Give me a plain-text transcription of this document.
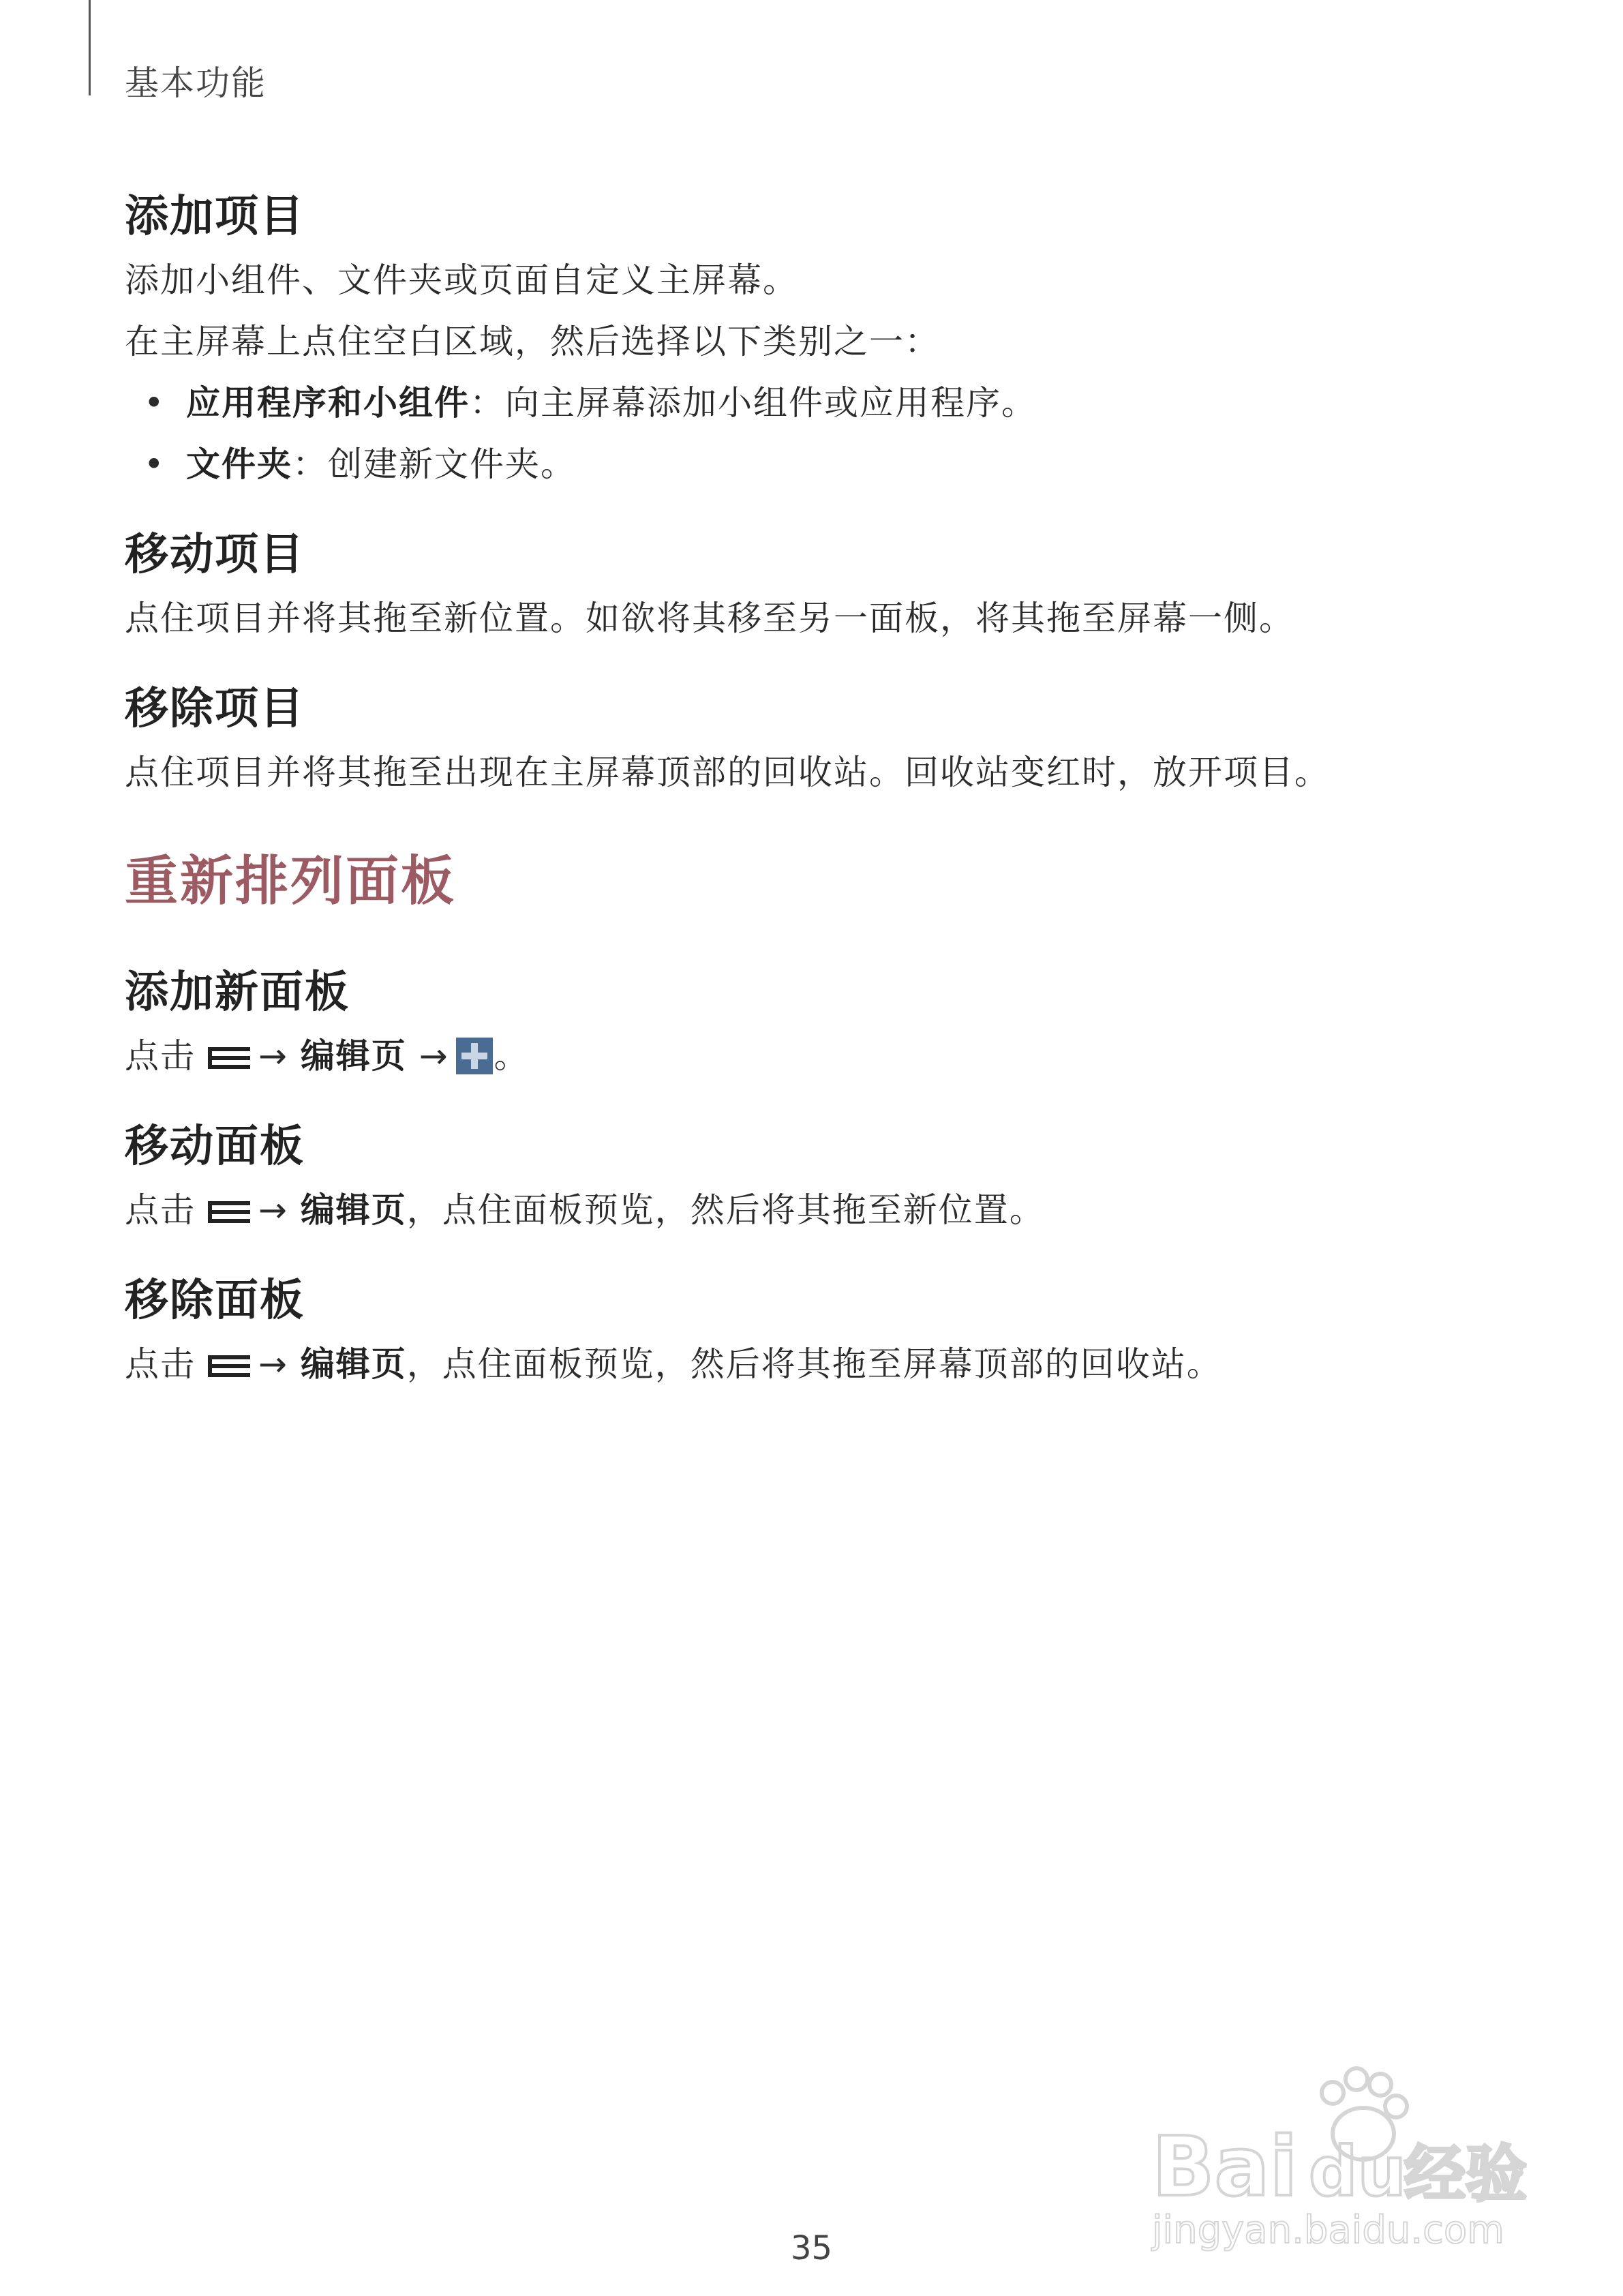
基本功能
添加项目

添加小组件、文件夹或页面自定义主屏幕。

在主屏幕上点住空白区域，然后选择以下类别之一：

• 应用程序和小组件：向主屏幕添加小组件或应用程序。
• 文件夹：创建新文件夹。
移动项目

点住项目并将其拖至新位置。如欲将其移至另一面板，将其拖至屏幕一侧。

移除项目

点住项目并将其拖至出现在主屏幕顶部的回收站。回收站变红时，放开项目。

重新排列面板
添加新面板

点击 → 编辑页 → 。

移动面板

点击 → 编辑页，点住面板预览，然后将其拖至新位置。

移除面板

点击 → 编辑页，点住面板预览，然后将其拖至屏幕顶部的回收站。

Bai du
经验
jingyan.baidu.com
35
